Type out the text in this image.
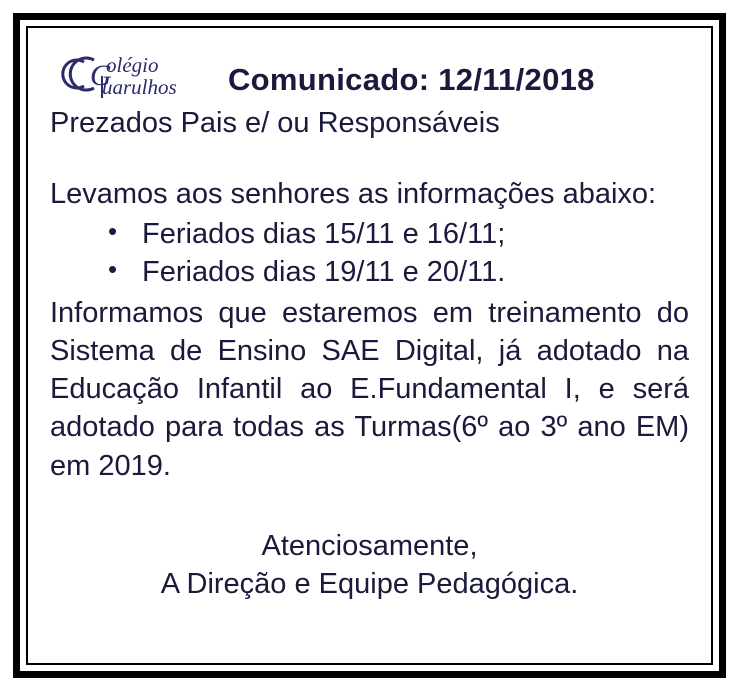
G
olégio
uarulhos Comunicado: 12/11/2018
Prezados Pais e/ ou Responsáveis
Levamos aos senhores as informações abaixo:
• Feriados dias 15/11 e 16/11;
• Feriados dias 19/11 e 20/11.
Informamos que estaremos em treinamento do Sistema de Ensino SAE Digital, já adotado na Educação Infantil ao E.Fundamental I, e será adotado para todas as Turmas(6º ao 3º ano EM) em 2019.
Atenciosamente,
A Direção e Equipe Pedagógica.
